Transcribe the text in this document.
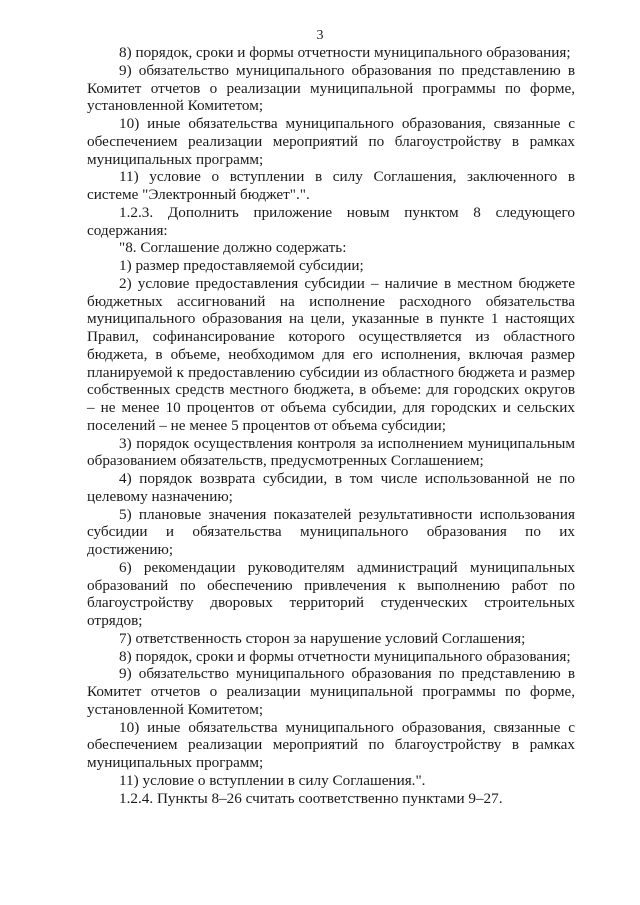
3

8) порядок, сроки и формы отчетности муниципального образования;

9) обязательство муниципального образования по представлению в Комитет отчетов о реализации муниципальной программы по форме, установленной Комитетом;

10) иные обязательства муниципального образования, связанные с обеспечением реализации мероприятий по благоустройству в рамках муниципальных программ;

11) условие о вступлении в силу Соглашения, заключенного в системе "Электронный бюджет".".

1.2.3. Дополнить приложение новым пунктом 8 следующего содержания:

"8. Соглашение должно содержать:

1) размер предоставляемой субсидии;

2) условие предоставления субсидии – наличие в местном бюджете бюджетных ассигнований на исполнение расходного обязательства муниципального образования на цели, указанные в пункте 1 настоящих Правил, софинансирование которого осуществляется из областного бюджета, в объеме, необходимом для его исполнения, включая размер планируемой к предоставлению субсидии из областного бюджета и размер собственных средств местного бюджета, в объеме: для городских округов – не менее 10 процентов от объема субсидии, для городских и сельских поселений – не менее 5 процентов от объема субсидии;

3) порядок осуществления контроля за исполнением муниципальным образованием обязательств, предусмотренных Соглашением;

4) порядок возврата субсидии, в том числе использованной не по целевому назначению;

5) плановые значения показателей результативности использования субсидии и обязательства муниципального образования по их достижению;

6) рекомендации руководителям администраций муниципальных образований по обеспечению привлечения к выполнению работ по благоустройству дворовых территорий студенческих строительных отрядов;

7) ответственность сторон за нарушение условий Соглашения;

8) порядок, сроки и формы отчетности муниципального образования;

9) обязательство муниципального образования по представлению в Комитет отчетов о реализации муниципальной программы по форме, установленной Комитетом;

10) иные обязательства муниципального образования, связанные с обеспечением реализации мероприятий по благоустройству в рамках муниципальных программ;

11) условие о вступлении в силу Соглашения.".

1.2.4. Пункты 8–26 считать соответственно пунктами 9–27.
